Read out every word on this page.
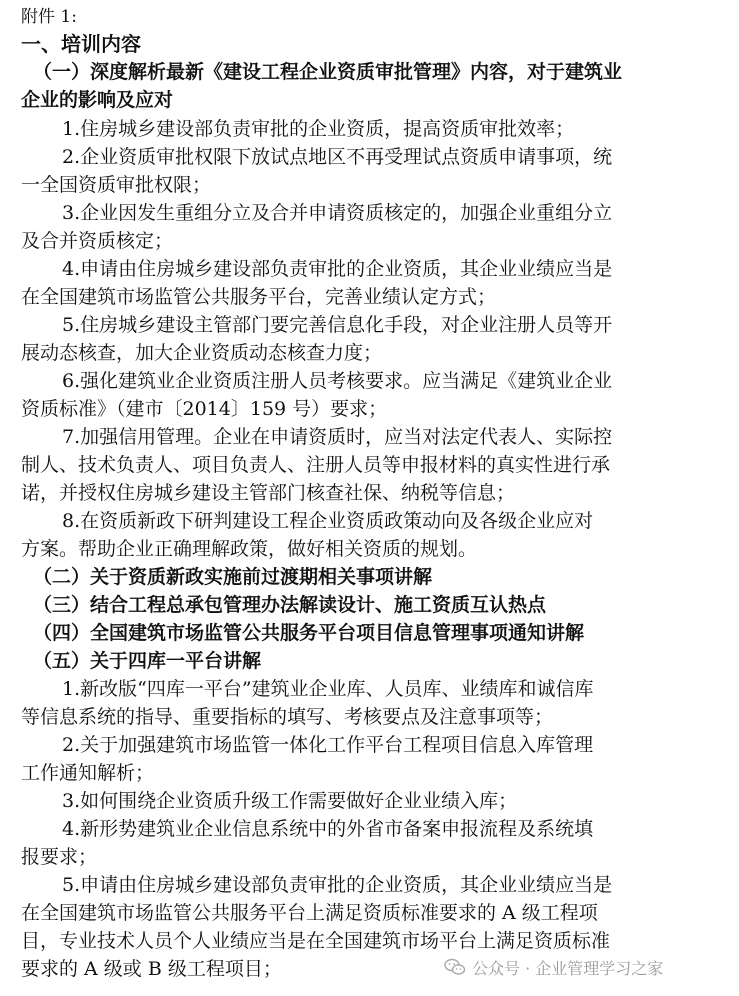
附件 1:
一、培训内容
（一）深度解析最新《建设工程企业资质审批管理》内容，对于建筑业
企业的影响及应对
1.住房城乡建设部负责审批的企业资质，提高资质审批效率；
2.企业资质审批权限下放试点地区不再受理试点资质申请事项，统
一全国资质审批权限；
3.企业因发生重组分立及合并申请资质核定的，加强企业重组分立
及合并资质核定；
4.申请由住房城乡建设部负责审批的企业资质，其企业业绩应当是
在全国建筑市场监管公共服务平台，完善业绩认定方式；
5.住房城乡建设主管部门要完善信息化手段，对企业注册人员等开
展动态核查，加大企业资质动态核查力度；
6.强化建筑业企业资质注册人员考核要求。应当满足《建筑业企业
资质标准》（建市〔2014〕159 号）要求；
7.加强信用管理。企业在申请资质时，应当对法定代表人、实际控
制人、技术负责人、项目负责人、注册人员等申报材料的真实性进行承
诺，并授权住房城乡建设主管部门核查社保、纳税等信息；
8.在资质新政下研判建设工程企业资质政策动向及各级企业应对
方案。帮助企业正确理解政策，做好相关资质的规划。
（二）关于资质新政实施前过渡期相关事项讲解
（三）结合工程总承包管理办法解读设计、施工资质互认热点
（四）全国建筑市场监管公共服务平台项目信息管理事项通知讲解
（五）关于四库一平台讲解
1.新改版“四库一平台”建筑业企业库、人员库、业绩库和诚信库
等信息系统的指导、重要指标的填写、考核要点及注意事项等；
2.关于加强建筑市场监管一体化工作平台工程项目信息入库管理
工作通知解析；
3.如何围绕企业资质升级工作需要做好企业业绩入库；
4.新形势建筑业企业信息系统中的外省市备案申报流程及系统填
报要求；
5.申请由住房城乡建设部负责审批的企业资质，其企业业绩应当是
在全国建筑市场监管公共服务平台上满足资质标准要求的 A 级工程项
目，专业技术人员个人业绩应当是在全国建筑市场平台上满足资质标准
要求的 A 级或 B 级工程项目；	公众号 · 企业管理学习之家
